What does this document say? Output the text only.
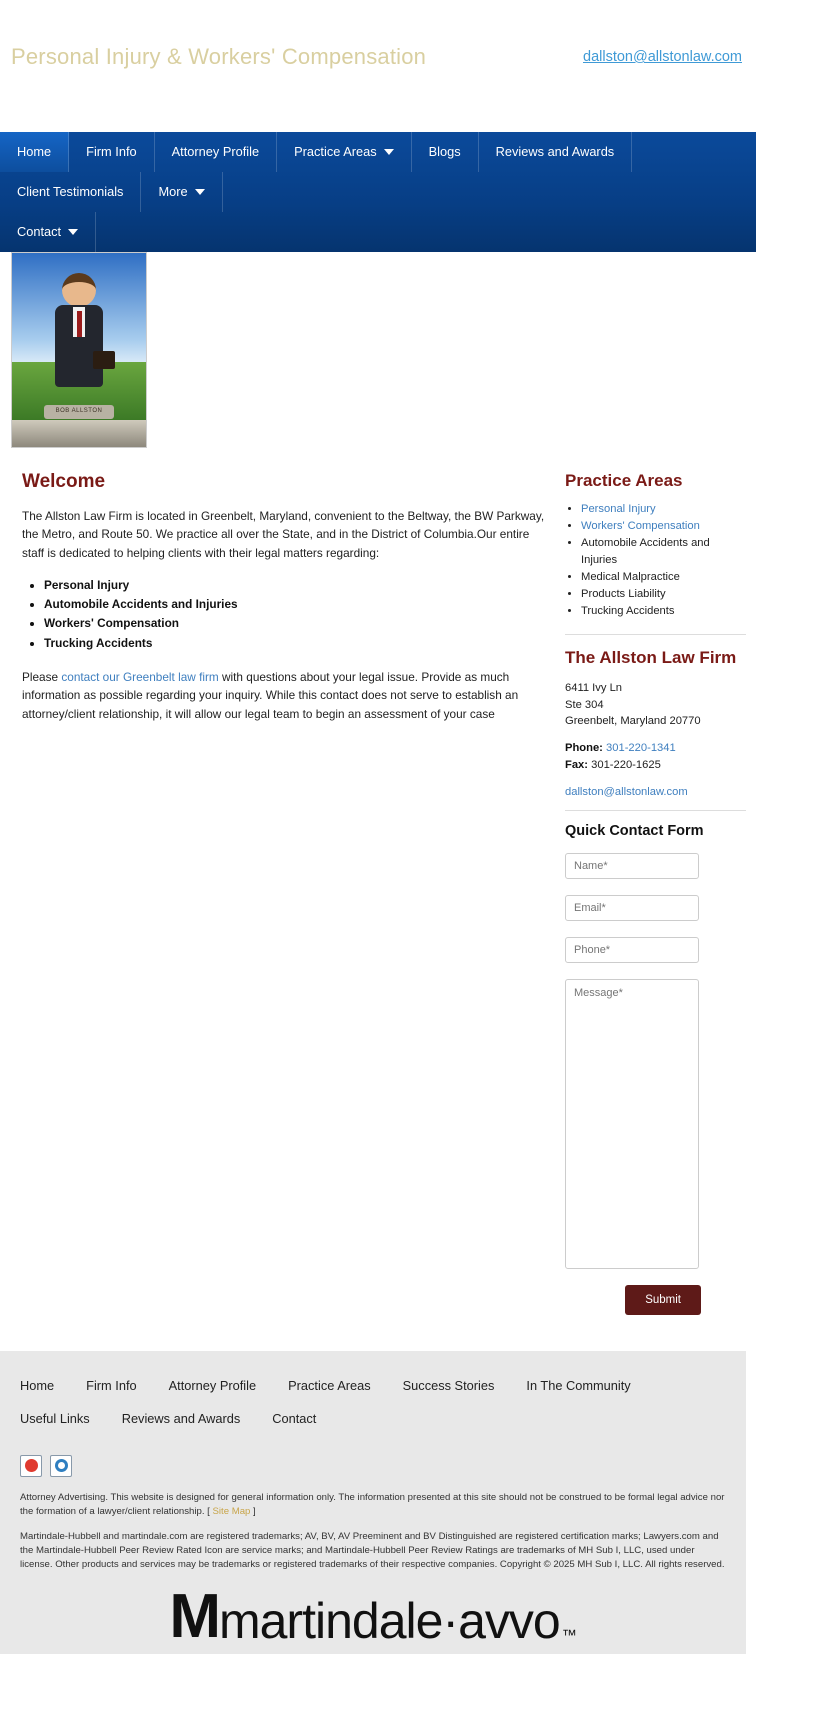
Personal Injury & Workers' Compensation	dallston@allstonlaw.com
Home	Firm Info	Attorney Profile	Practice Areas	Blogs	Reviews and Awards
Client Testimonials	More
Contact
BOB ALLSTON
Welcome

The Allston Law Firm is located in Greenbelt, Maryland, convenient to the Beltway, the BW Parkway, the Metro, and Route 50. We practice all over the State, and in the District of Columbia.Our entire staff is dedicated to helping clients with their legal matters regarding:

• Personal Injury
• Automobile Accidents and Injuries
• Workers' Compensation
• Trucking Accidents

Please contact our Greenbelt law firm with questions about your legal issue. Provide as much information as possible regarding your inquiry. While this contact does not serve to establish an attorney/client relationship, it will allow our legal team to begin an assessment of your case

Practice Areas
• Personal Injury
• Workers' Compensation
• Automobile Accidents and Injuries
• Medical Malpractice
• Products Liability
• Trucking Accidents
The Allston Law Firm
6411 Ivy Ln
Ste 304
Greenbelt, Maryland 20770
Phone: 301-220-1341
Fax: 301-220-1625
dallston@allstonlaw.com
Quick Contact Form
Name*
Email*
Phone*
Message*
Submit
Home	Firm Info	Attorney Profile	Practice Areas	Success Stories	In The Community
Useful Links	Reviews and Awards	Contact
Attorney Advertising. This website is designed for general information only. The information presented at this site should not be construed to be formal legal advice nor the formation of a lawyer/client relationship. [ Site Map ]
Martindale-Hubbell and martindale.com are registered trademarks; AV, BV, AV Preeminent and BV Distinguished are registered certification marks; Lawyers.com and the Martindale-Hubbell Peer Review Rated Icon are service marks; and Martindale-Hubbell Peer Review Ratings are trademarks of MH Sub I, LLC, used under license. Other products and services may be trademarks or registered trademarks of their respective companies. Copyright © 2025 MH Sub I, LLC. All rights reserved.
M martindale·avvo ™
